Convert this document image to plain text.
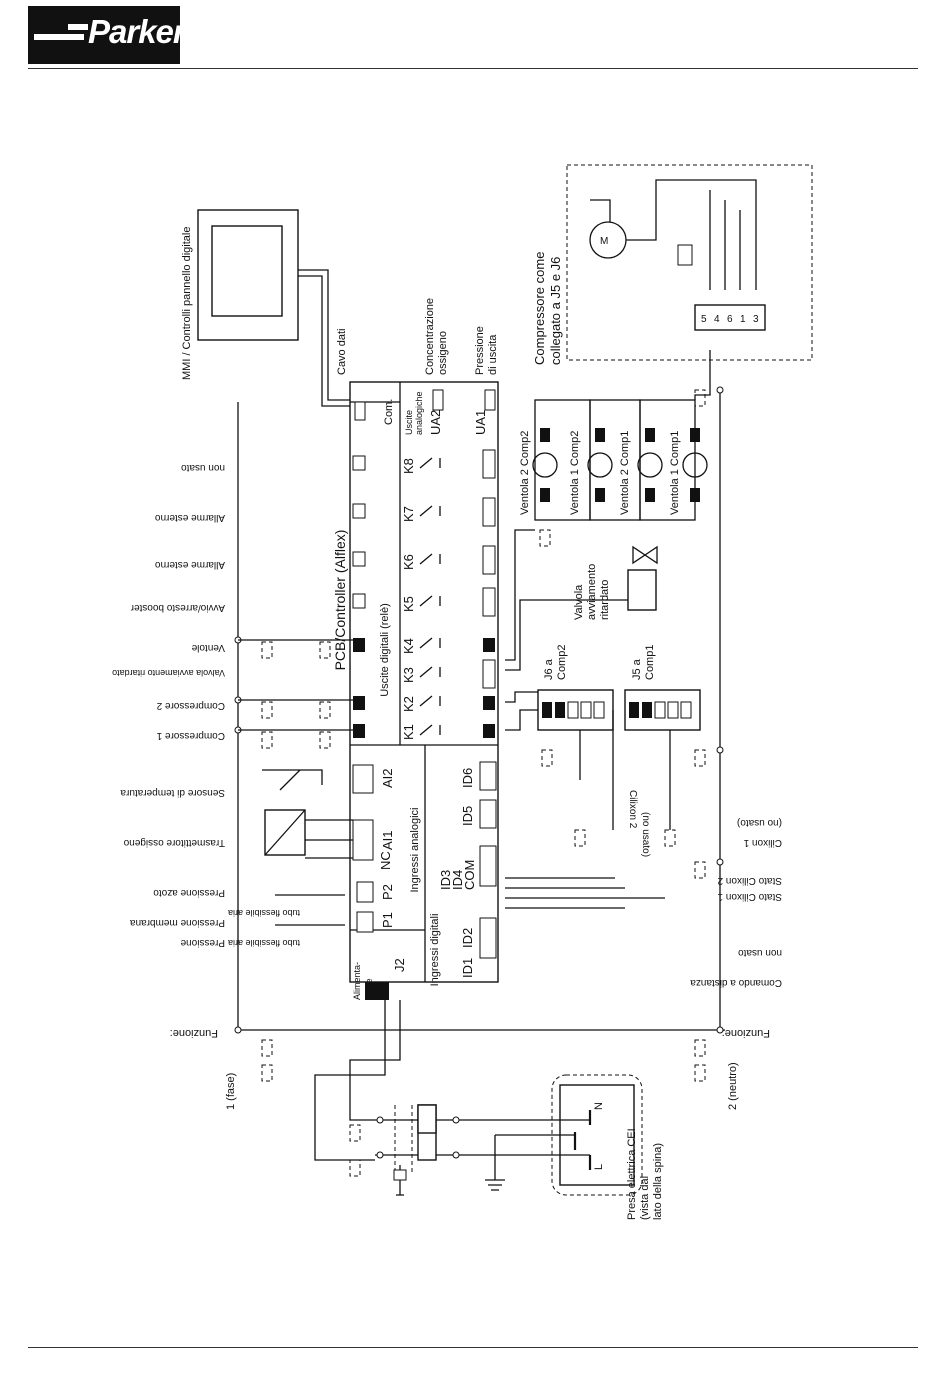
Parker
PCB/Controller (Alflex)
Com. Uscite analogiche UA2 UA1
Uscite digitali (relè)
Ingressi analogici
Ingressi digitali
Alimenta- J2
K1
K2
K3
K4
K5
K6
K7
K8
AI2
AI1
NC
P2
P1
ID6
ID5
ID3
ID4
COM
ID1
ID2
MMI / Controlli pannello digitale	Cavo dati	Concentrazione ossigeno Pressione di uscita
M
5 4 6 1 3
Compressore come collegato a J5 e J6
Ventola 2 Comp2	Ventola 1 Comp2	Ventola 2 Comp1	Ventola 1 Comp1
Valvola avviamento ritardato
J6 a Comp2	J5 a Comp1
(no usato)
Cilixon 2
1 (fase)
Funzione:
non usato
Allarme esterno
Allarme esterno
Avvio/arresto booster
Ventole
Valvola avviamento ritardato
Compressore 2
Compressore 1
Sensore di temperatura
Trasmettitore ossigeno
Pressione azoto
Pressione membrana
Pressione
tubo flessibile aria
tubo flessibile aria
2 (neutro)
Funzione:
Cilixon 1
(no usato)
Stato Cilixon 2
Stato Cilixon 1
non usato
Comando a distanza
N
L Presa elettrica CEI (vista dal lato della spina)
